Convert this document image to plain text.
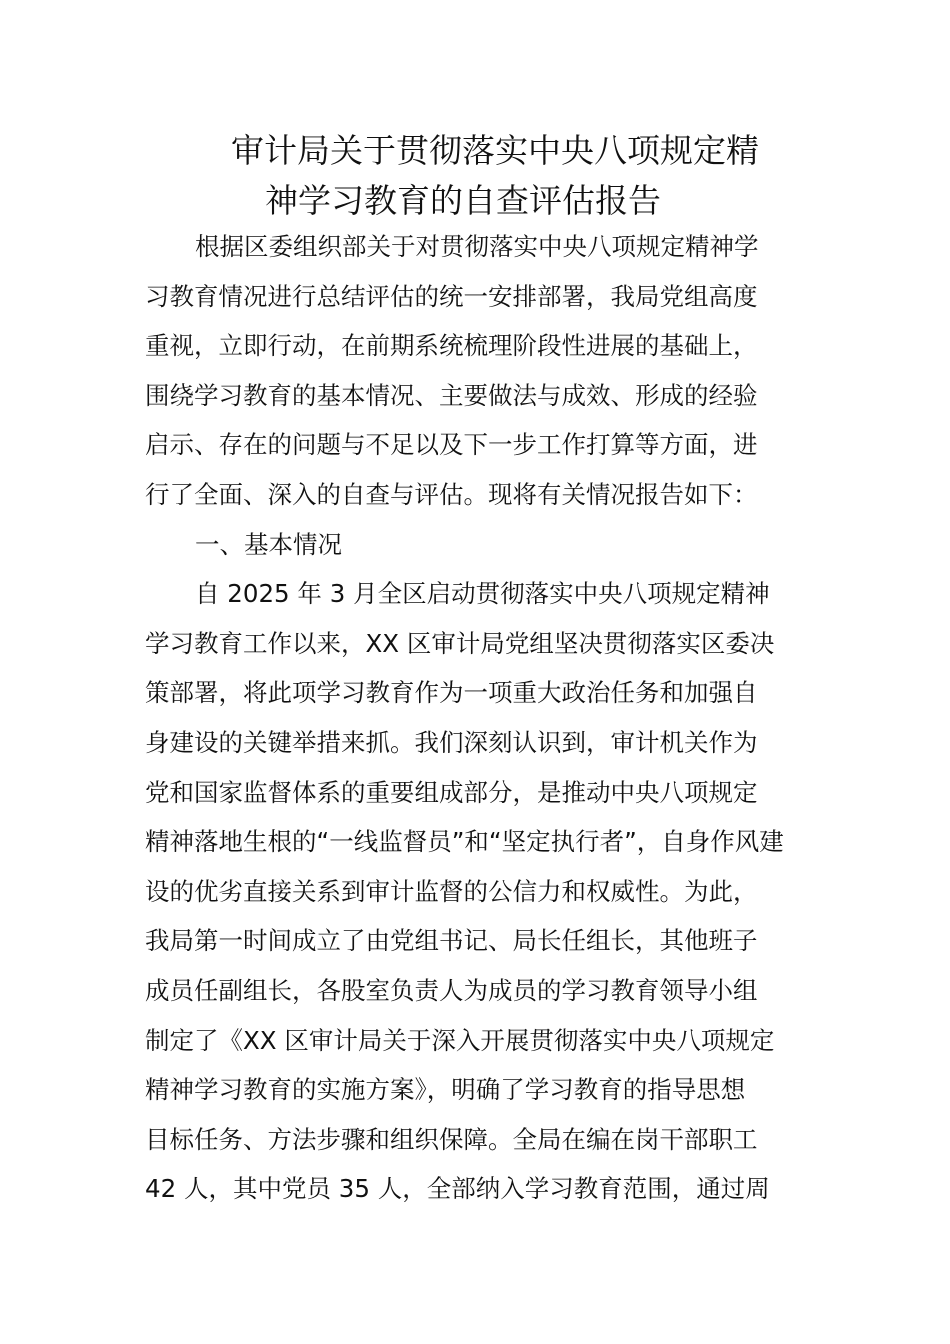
审计局关于贯彻落实中央八项规定精
神学习教育的自查评估报告
根据区委组织部关于对贯彻落实中央八项规定精神学
习教育情况进行总结评估的统一安排部署，我局党组高度
重视，立即行动，在前期系统梳理阶段性进展的基础上，
围绕学习教育的基本情况、主要做法与成效、形成的经验
启示、存在的问题与不足以及下一步工作打算等方面，进
行了全面、深入的自查与评估。现将有关情况报告如下：
一、基本情况
自 2025 年 3 月全区启动贯彻落实中央八项规定精神
学习教育工作以来，XX 区审计局党组坚决贯彻落实区委决
策部署，将此项学习教育作为一项重大政治任务和加强自
身建设的关键举措来抓。我们深刻认识到，审计机关作为
党和国家监督体系的重要组成部分，是推动中央八项规定
精神落地生根的“一线监督员”和“坚定执行者”，自身作风建
设的优劣直接关系到审计监督的公信力和权威性。为此，
我局第一时间成立了由党组书记、局长任组长，其他班子
成员任副组长，各股室负责人为成员的学习教育领导小组
制定了《XX 区审计局关于深入开展贯彻落实中央八项规定
精神学习教育的实施方案》，明确了学习教育的指导思想
目标任务、方法步骤和组织保障。全局在编在岗干部职工
42 人，其中党员 35 人，全部纳入学习教育范围，通过周
